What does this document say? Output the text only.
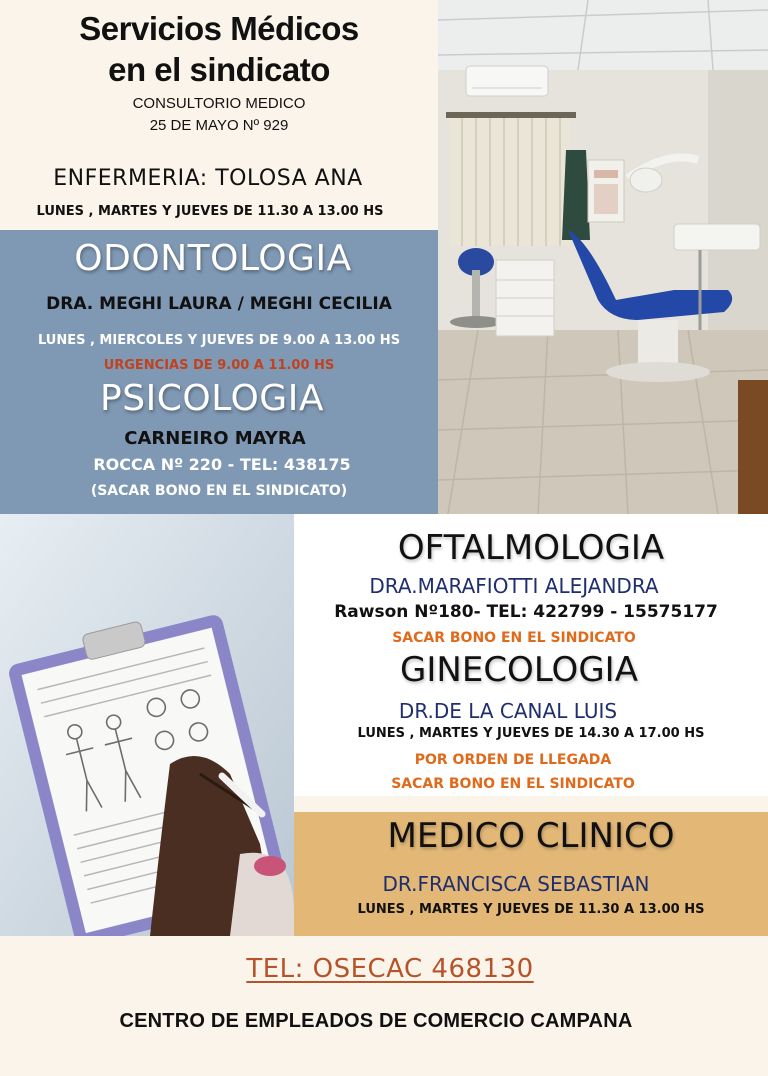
Servicios Médicos
en el sindicato
CONSULTORIO MEDICO
25 DE MAYO Nº 929
ENFERMERIA: TOLOSA ANA
LUNES , MARTES Y JUEVES DE 11.30 A 13.00 HS
ODONTOLOGIA
DRA. MEGHI LAURA / MEGHI CECILIA
LUNES , MIERCOLES Y JUEVES DE 9.00 A 13.00 HS
URGENCIAS DE 9.00 A 11.00 HS
PSICOLOGIA
CARNEIRO MAYRA
ROCCA Nº 220 - TEL: 438175
(SACAR BONO EN EL SINDICATO)
OFTALMOLOGIA
DRA.MARAFIOTTI ALEJANDRA
Rawson Nº180- TEL: 422799 - 15575177
SACAR BONO EN EL SINDICATO
GINECOLOGIA
DR.DE LA CANAL LUIS
LUNES , MARTES Y JUEVES DE 14.30 A 17.00 HS
POR ORDEN DE LLEGADA
SACAR BONO EN EL SINDICATO
MEDICO CLINICO
DR.FRANCISCA SEBASTIAN
LUNES , MARTES Y JUEVES DE 11.30 A 13.00 HS
TEL: OSECAC 468130
CENTRO DE EMPLEADOS DE COMERCIO CAMPANA
